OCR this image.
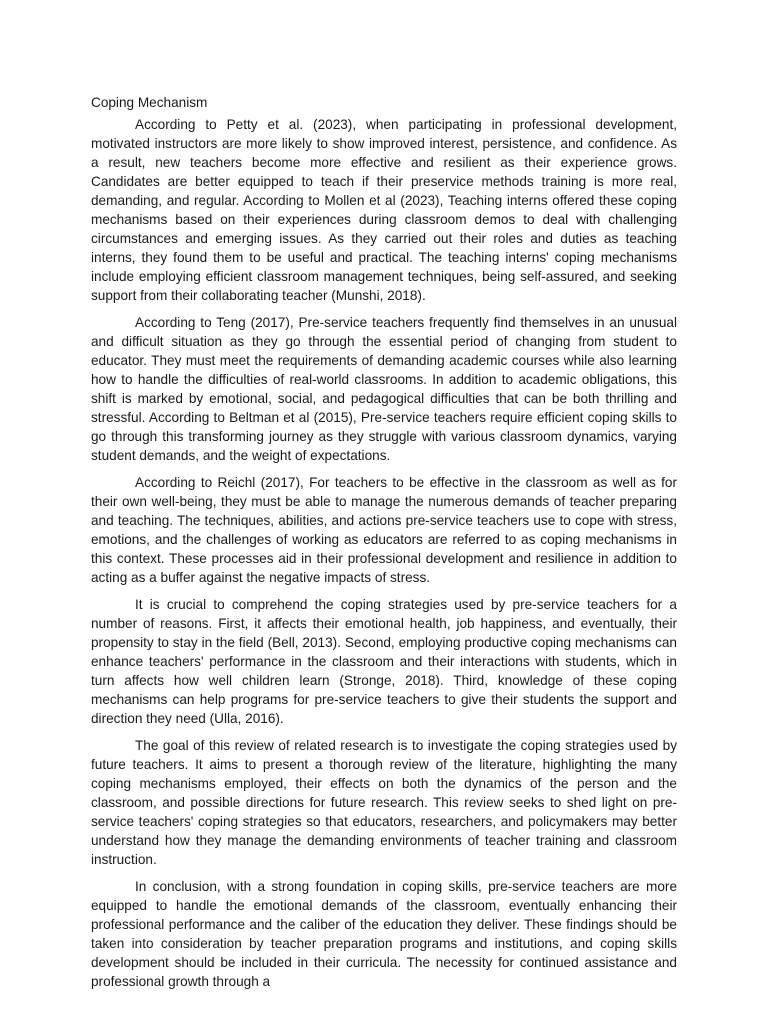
Coping Mechanism

According to Petty et al. (2023), when participating in professional development, motivated instructors are more likely to show improved interest, persistence, and confidence. As a result, new teachers become more effective and resilient as their experience grows. Candidates are better equipped to teach if their preservice methods training is more real, demanding, and regular. According to Mollen et al (2023), Teaching interns offered these coping mechanisms based on their experiences during classroom demos to deal with challenging circumstances and emerging issues. As they carried out their roles and duties as teaching interns, they found them to be useful and practical. The teaching interns' coping mechanisms include employing efficient classroom management techniques, being self-assured, and seeking support from their collaborating teacher (Munshi, 2018).

According to Teng (2017), Pre-service teachers frequently find themselves in an unusual and difficult situation as they go through the essential period of changing from student to educator. They must meet the requirements of demanding academic courses while also learning how to handle the difficulties of real-world classrooms. In addition to academic obligations, this shift is marked by emotional, social, and pedagogical difficulties that can be both thrilling and stressful. According to Beltman et al (2015), Pre-service teachers require efficient coping skills to go through this transforming journey as they struggle with various classroom dynamics, varying student demands, and the weight of expectations.

According to Reichl (2017), For teachers to be effective in the classroom as well as for their own well-being, they must be able to manage the numerous demands of teacher preparing and teaching. The techniques, abilities, and actions pre-service teachers use to cope with stress, emotions, and the challenges of working as educators are referred to as coping mechanisms in this context. These processes aid in their professional development and resilience in addition to acting as a buffer against the negative impacts of stress.

It is crucial to comprehend the coping strategies used by pre-service teachers for a number of reasons. First, it affects their emotional health, job happiness, and eventually, their propensity to stay in the field (Bell, 2013). Second, employing productive coping mechanisms can enhance teachers' performance in the classroom and their interactions with students, which in turn affects how well children learn (Stronge, 2018). Third, knowledge of these coping mechanisms can help programs for pre-service teachers to give their students the support and direction they need (Ulla, 2016).

The goal of this review of related research is to investigate the coping strategies used by future teachers. It aims to present a thorough review of the literature, highlighting the many coping mechanisms employed, their effects on both the dynamics of the person and the classroom, and possible directions for future research. This review seeks to shed light on pre-service teachers' coping strategies so that educators, researchers, and policymakers may better understand how they manage the demanding environments of teacher training and classroom instruction.

In conclusion, with a strong foundation in coping skills, pre-service teachers are more equipped to handle the emotional demands of the classroom, eventually enhancing their professional performance and the caliber of the education they deliver. These findings should be taken into consideration by teacher preparation programs and institutions, and coping skills development should be included in their curricula. The necessity for continued assistance and professional growth through a
